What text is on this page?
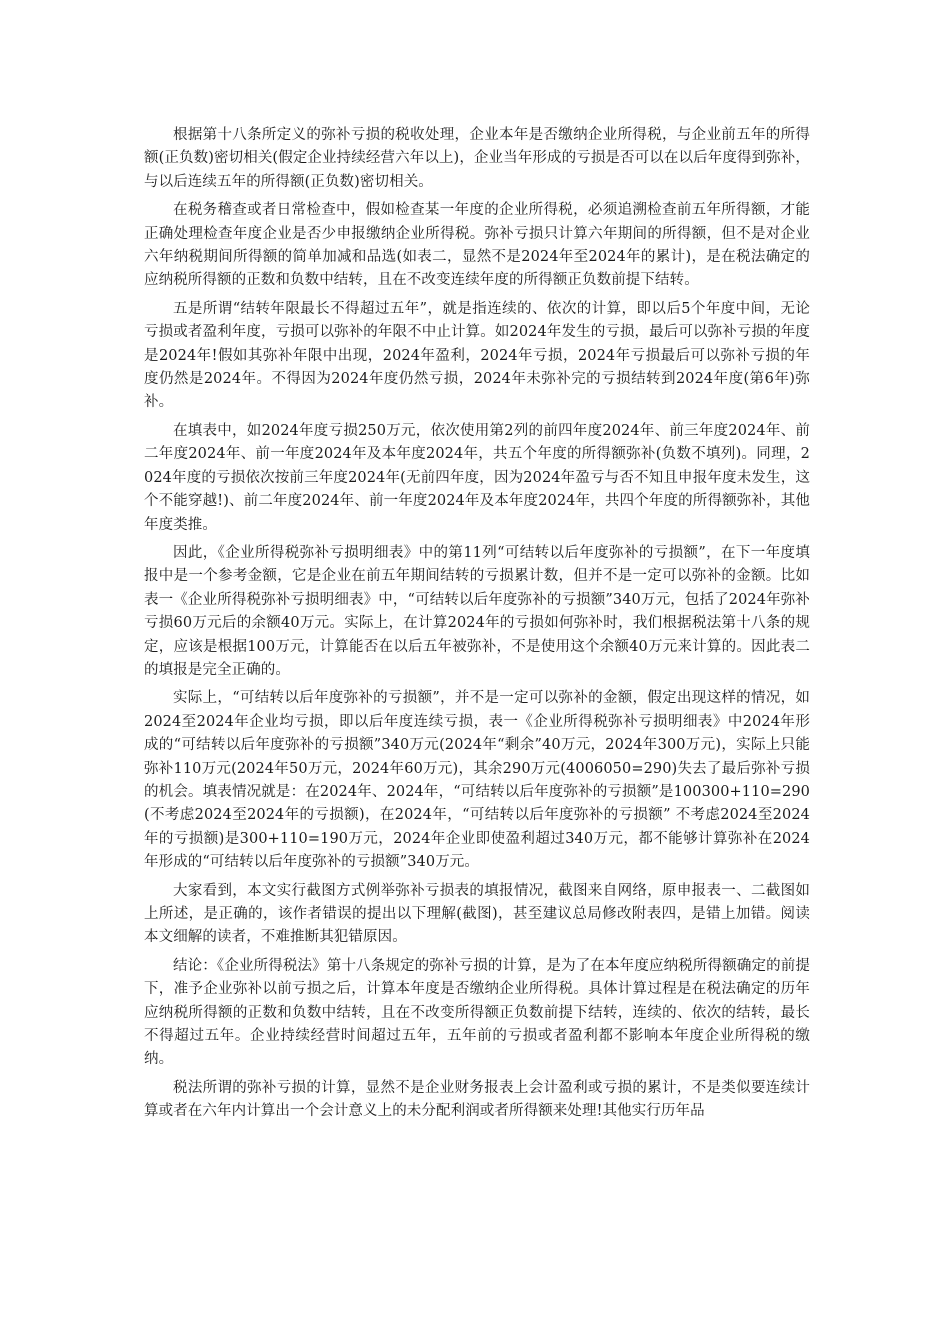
根据第十八条所定义的弥补亏损的税收处理，企业本年是否缴纳企业所得税，与企业前五年的所得额(正负数)密切相关(假定企业持续经营六年以上)，企业当年形成的亏损是否可以在以后年度得到弥补，与以后连续五年的所得额(正负数)密切相关。

在税务稽查或者日常检查中，假如检查某一年度的企业所得税，必须追溯检查前五年所得额，才能正确处理检查年度企业是否少申报缴纳企业所得税。弥补亏损只计算六年期间的所得额，但不是对企业六年纳税期间所得额的简单加减和品选(如表二，显然不是2024年至2024年的累计)，是在税法确定的应纳税所得额的正数和负数中结转，且在不改变连续年度的所得额正负数前提下结转。

五是所谓“结转年限最长不得超过五年”，就是指连续的、依次的计算，即以后5个年度中间，无论亏损或者盈利年度，亏损可以弥补的年限不中止计算。如2024年发生的亏损，最后可以弥补亏损的年度是2024年!假如其弥补年限中出现，2024年盈利，2024年亏损，2024年亏损最后可以弥补亏损的年度仍然是2024年。不得因为2024年度仍然亏损，2024年未弥补完的亏损结转到2024年度(第6年)弥补。

在填表中，如2024年度亏损250万元，依次使用第2列的前四年度2024年、前三年度2024年、前二年度2024年、前一年度2024年及本年度2024年，共五个年度的所得额弥补(负数不填列)。同理，2024年度的亏损依次按前三年度2024年(无前四年度，因为2024年盈亏与否不知且申报年度未发生，这个不能穿越!)、前二年度2024年、前一年度2024年及本年度2024年，共四个年度的所得额弥补，其他年度类推。

因此，《企业所得税弥补亏损明细表》中的第11列“可结转以后年度弥补的亏损额”，在下一年度填报中是一个参考金额，它是企业在前五年期间结转的亏损累计数，但并不是一定可以弥补的金额。比如表一《企业所得税弥补亏损明细表》中，“可结转以后年度弥补的亏损额”340万元，包括了2024年弥补亏损60万元后的余额40万元。实际上，在计算2024年的亏损如何弥补时，我们根据税法第十八条的规定，应该是根据100万元，计算能否在以后五年被弥补，不是使用这个余额40万元来计算的。因此表二的填报是完全正确的。

实际上，“可结转以后年度弥补的亏损额”，并不是一定可以弥补的金额，假定出现这样的情况，如2024至2024年企业均亏损，即以后年度连续亏损，表一《企业所得税弥补亏损明细表》中2024年形成的“可结转以后年度弥补的亏损额”340万元(2024年“剩余”40万元，2024年300万元)，实际上只能弥补110万元(2024年50万元，2024年60万元)，其余290万元(4006050=290)失去了最后弥补亏损的机会。填表情况就是：在2024年、2024年，“可结转以后年度弥补的亏损额”是100300+110=290(不考虑2024至2024年的亏损额)，在2024年，“可结转以后年度弥补的亏损额” 不考虑2024至2024年的亏损额)是300+110=190万元，2024年企业即使盈利超过340万元，都不能够计算弥补在2024年形成的“可结转以后年度弥补的亏损额”340万元。

大家看到，本文实行截图方式例举弥补亏损表的填报情况，截图来自网络，原申报表一、二截图如上所述，是正确的，该作者错误的提出以下理解(截图)，甚至建议总局修改附表四，是错上加错。阅读本文细解的读者，不难推断其犯错原因。

结论：《企业所得税法》第十八条规定的弥补亏损的计算，是为了在本年度应纳税所得额确定的前提下，准予企业弥补以前亏损之后，计算本年度是否缴纳企业所得税。具体计算过程是在税法确定的历年应纳税所得额的正数和负数中结转，且在不改变所得额正负数前提下结转，连续的、依次的结转，最长不得超过五年。企业持续经营时间超过五年，五年前的亏损或者盈利都不影响本年度企业所得税的缴纳。

税法所谓的弥补亏损的计算，显然不是企业财务报表上会计盈利或亏损的累计，不是类似要连续计算或者在六年内计算出一个会计意义上的未分配利润或者所得额来处理!其他实行历年品
